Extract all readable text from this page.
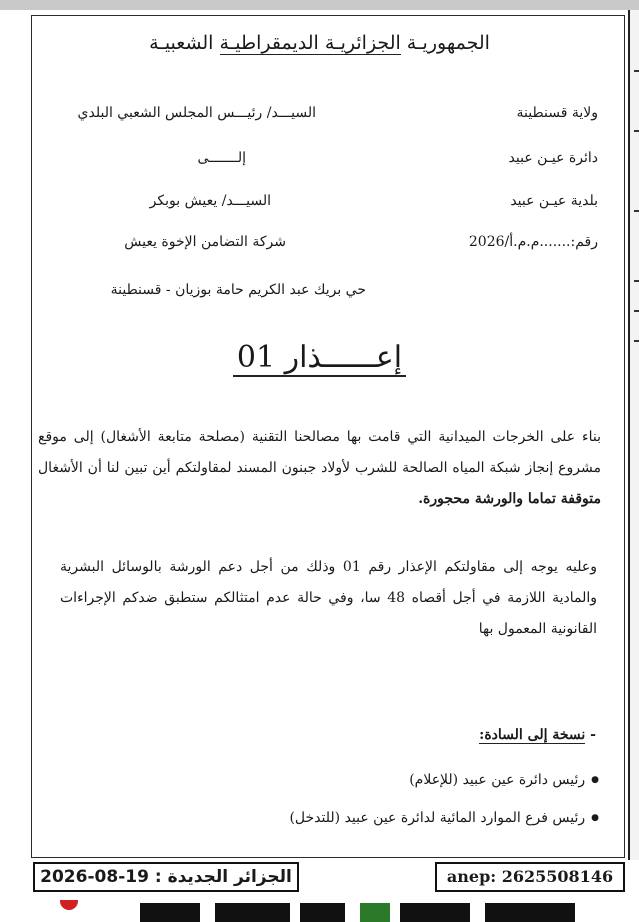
الجمهوريـة الجزائريـة الديمقراطيـة الشعبيـة
ولاية قسنطينة
دائرة عيـن عبيد
بلدية عيـن عبيد
رقم:.......م.م.أ/2026
السيـــد/ رئيـــس المجلس الشعبي البلدي
إلـــــــى
السيـــد/ يعيش بوبكر
شركة التضامن الإخوة يعيش
حي بريك عبد الكريم حامة بوزيان - قسنطينة
إعــــــذار 01
بناء على الخرجات الميدانية التي قامت بها مصالحنا التقنية (مصلحة متابعة الأشغال) إلى موقع مشروع إنجاز شبكة المياه الصالحة للشرب لأولاد جبنون المسند لمقاولتكم أين تبين لنا أن الأشغال متوقفة تماما والورشة محجورة.
وعليه يوجه إلى مقاولتكم الإعذار رقم 01 وذلك من أجل دعم الورشة بالوسائل البشرية والمادية اللازمة في أجل أقصاه 48 سا، وفي حالة عدم امتثالكم ستطبق ضدكم الإجراءات القانونية المعمول بها
- نسخة إلى السادة:
● رئيس دائرة عين عبيد (للإعلام)
● رئيس فرع الموارد المائية لدائرة عين عبيد (للتدخل)
الجزائر الجديدة : 19-08-2026	anep: 2625508146
